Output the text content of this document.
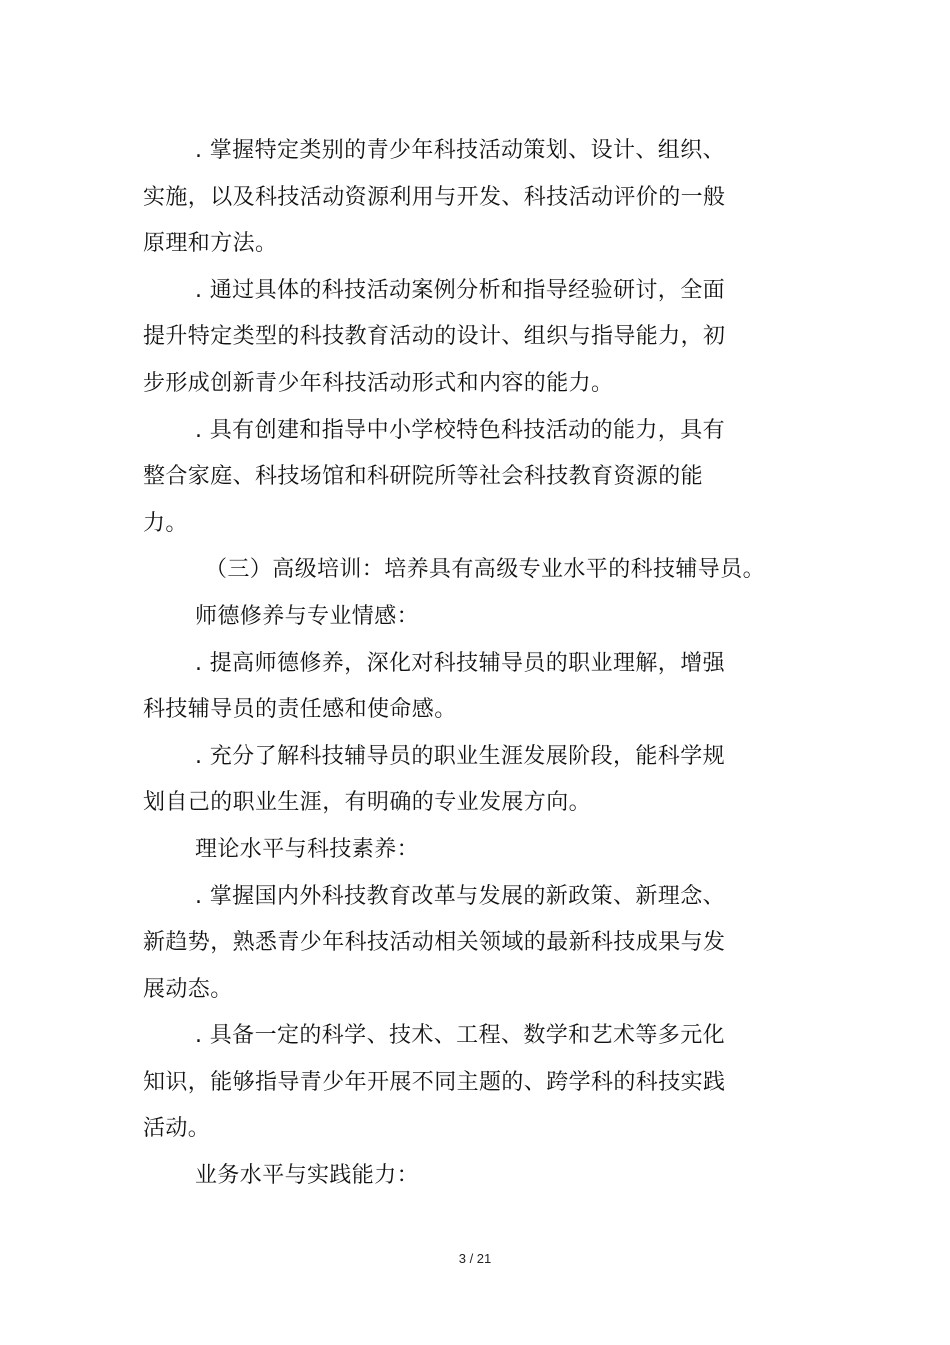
. 掌握特定类别的青少年科技活动策划、设计、组织、
实施，以及科技活动资源利用与开发、科技活动评价的一般
原理和方法。

. 通过具体的科技活动案例分析和指导经验研讨，全面
提升特定类型的科技教育活动的设计、组织与指导能力，初
步形成创新青少年科技活动形式和内容的能力。

. 具有创建和指导中小学校特色科技活动的能力，具有
整合家庭、科技场馆和科研院所等社会科技教育资源的能
力。

（三）高级培训：培养具有高级专业水平的科技辅导员。

师德修养与专业情感：

. 提高师德修养，深化对科技辅导员的职业理解，增强
科技辅导员的责任感和使命感。

. 充分了解科技辅导员的职业生涯发展阶段，能科学规
划自己的职业生涯，有明确的专业发展方向。

理论水平与科技素养：

. 掌握国内外科技教育改革与发展的新政策、新理念、
新趋势，熟悉青少年科技活动相关领域的最新科技成果与发
展动态。

. 具备一定的科学、技术、工程、数学和艺术等多元化
知识，能够指导青少年开展不同主题的、跨学科的科技实践
活动。

业务水平与实践能力：

3 / 21
